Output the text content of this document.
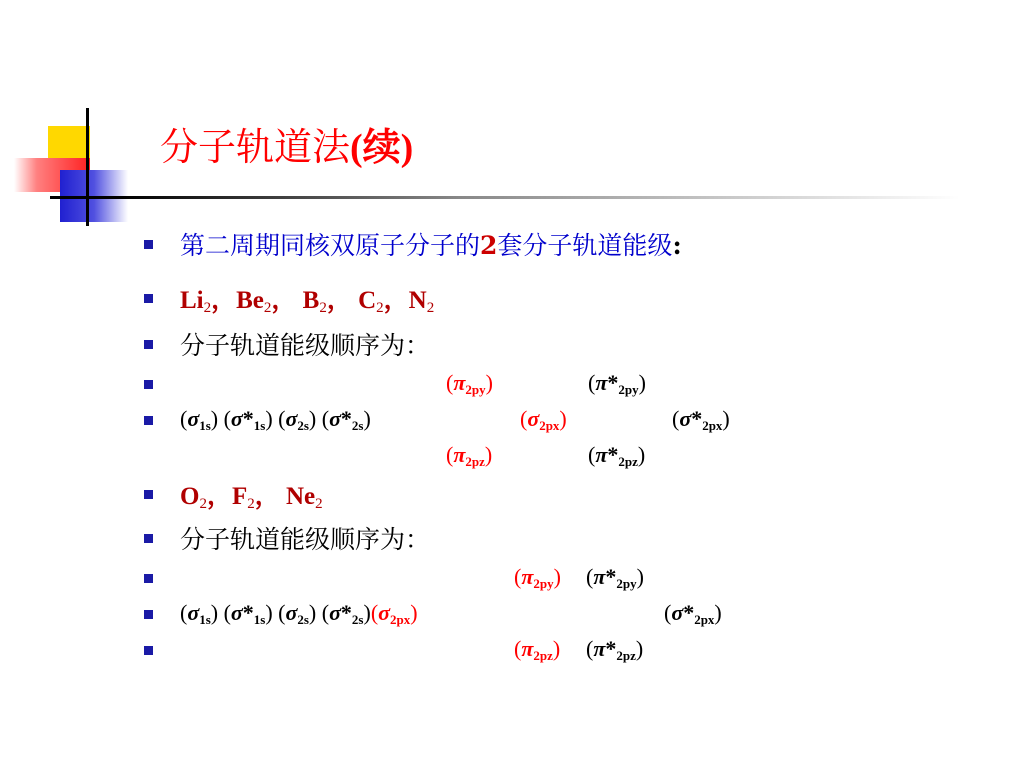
分子轨道法(续)
第二周期同核双原子分子的2套分子轨道能级:
$Li_2$，$Be_2$， $B_2$， $C_2$，$N_2$
分子轨道能级顺序为：
(π2py)	(π*2py)
(σ1s) (σ*1s) (σ2s) (σ*2s)	(σ2px)	(σ*2px)
(π2pz)	(π*2pz)
$O_2$，$F_2$， $Ne_2$
分子轨道能级顺序为：
(π2py) (π*2py)
(σ1s) (σ*1s) (σ2s) (σ*2s)(σ2px)	(σ*2px)
(π2pz) (π*2pz)
